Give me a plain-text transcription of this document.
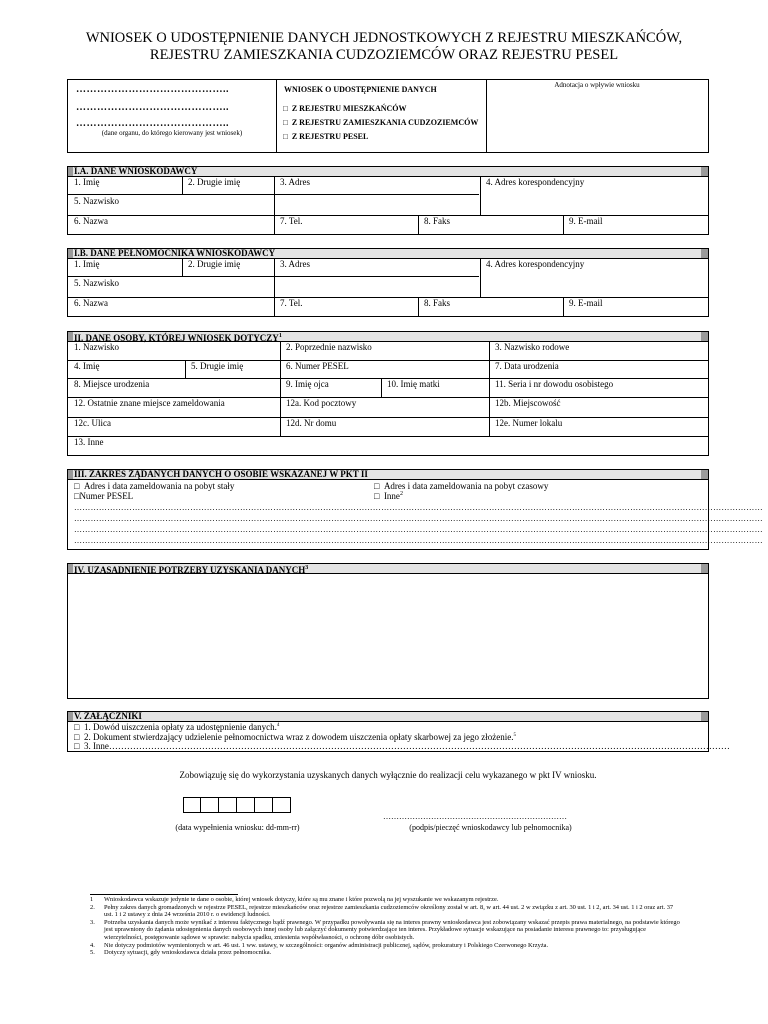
WNIOSEK O UDOSTĘPNIENIE DANYCH JEDNOSTKOWYCH Z REJESTRU MIESZKAŃCÓW,
REJESTRU ZAMIESZKANIA CUDZOZIEMCÓW ORAZ REJESTRU PESEL
……………………………………..
……………………………………..
……………………………………..
(dane organu, do którego kierowany jest wniosek)
WNIOSEK O UDOSTĘPNIENIE DANYCH
□ Z REJESTRU MIESZKAŃCÓW
□ Z REJESTRU ZAMIESZKANIA CUDZOZIEMCÓW
□ Z REJESTRU PESEL
Adnotacja o wpływie wniosku
I.A. DANE WNIOSKODAWCY
1. Imię	2. Drugie imię	3. Adres	4. Adres korespondencyjny
5. Nazwisko
6. Nazwa	7. Tel.	8. Faks	9. E-mail
I.B. DANE PEŁNOMOCNIKA WNIOSKODAWCY
1. Imię	2. Drugie imię	3. Adres	4. Adres korespondencyjny
5. Nazwisko
6. Nazwa	7. Tel.	8. Faks	9. E-mail
II. DANE OSOBY, KTÓREJ WNIOSEK DOTYCZY$^1$
1. Nazwisko	2. Poprzednie nazwisko	3. Nazwisko rodowe
4. Imię	5. Drugie imię	6. Numer PESEL	7. Data urodzenia
8. Miejsce urodzenia	9. Imię ojca	10. Imię matki	11. Seria i nr dowodu osobistego
12. Ostatnie znane miejsce zameldowania	12a. Kod pocztowy	12b. Miejscowość
12c. Ulica	12d. Nr domu	12e. Numer lokalu
13. Inne
III. ZAKRES ŻĄDANYCH DANYCH O OSOBIE WSKAZANEJ W PKT II
□ Adres i data zameldowania na pobyt stały	□ Adres i data zameldowania na pobyt czasowy
□Numer PESEL	□ Inne$^2$
……………………………………………………………………………………………………………………………………………………………………………………………………………………………
……………………………………………………………………………………………………………………………………………………………………………………………………………………………
……………………………………………………………………………………………………………………………………………………………………………………………………………………………
……………………………………………………………………………………………………………………………………………………………………………………………………………………………
IV. UZASADNIENIE POTRZEBY UZYSKANIA DANYCH$^3$
V. ZAŁĄCZNIKI
□ 1. Dowód uiszczenia opłaty za udostępnienie danych.$^4$
□ 2. Dokument stwierdzający udzielenie pełnomocnictwa wraz z dowodem uiszczenia opłaty skarbowej za jego złożenie.$^5$
□ 3. Inne………………………………………………………………………………………………………………………………………………………………………………………
Zobowiązuję się do wykorzystania uzyskanych danych wyłącznie do realizacji celu wykazanego w pkt IV wniosku.
(data wypełnienia wniosku: dd-mm-rr)
……………………………………………………………
(podpis/pieczęć wnioskodawcy lub pełnomocnika)
1 Wnioskodawca wskazuje jedynie te dane o osobie, której wniosek dotyczy, które są mu znane i które pozwolą na jej wyszukanie we wskazanym rejestrze.
2. Pełny zakres danych gromadzonych w rejestrze PESEL, rejestrze mieszkańców oraz rejestrze zamieszkania cudzoziemców określony został w art. 8, w art. 44 ust. 2 w związku z art. 30 ust. 1 i 2, art. 34 ust. 1 i 2 oraz art. 37 ust. 1 i 2 ustawy z dnia 24 września 2010 r. o ewidencji ludności.
3. Potrzeba uzyskania danych może wynikać z interesu faktycznego bądź prawnego. W przypadku powoływania się na interes prawny wnioskodawca jest zobowiązany wskazać przepis prawa materialnego, na podstawie którego jest uprawniony do żądania udostępnienia danych osobowych innej osoby lub załączyć dokumenty potwierdzające ten interes. Przykładowe sytuacje wskazujące na posiadanie interesu prawnego to: przysługujące wierzytelności, postępowanie sądowe w sprawie: nabycia spadku, zniesienia współwłasności, o ochronę dóbr osobistych.
4. Nie dotyczy podmiotów wymienionych w art. 46 ust. 1 ww. ustawy, w szczególności: organów administracji publicznej, sądów, prokuratury i Polskiego Czerwonego Krzyża.
5. Dotyczy sytuacji, gdy wnioskodawca działa przez pełnomocnika.
